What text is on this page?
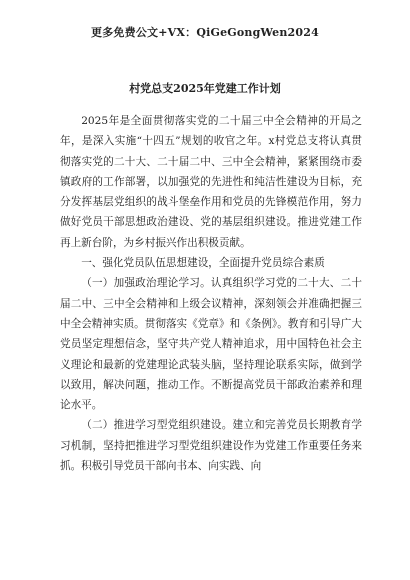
更多免费公文+VX：QiGeGongWen2024
村党总支2025年党建工作计划

2025年是全面贯彻落实党的二十届三中全会精神的开局之年，是深入实施“十四五”规划的收官之年。x村党总支将认真贯彻落实党的二十大、二十届二中、三中全会精神，紧紧围绕市委镇政府的工作部署，以加强党的先进性和纯洁性建设为目标，充分发挥基层党组织的战斗堡垒作用和党员的先锋模范作用，努力做好党员干部思想政治建设、党的基层组织建设。推进党建工作再上新台阶，为乡村振兴作出积极贡献。

一、强化党员队伍思想建设，全面提升党员综合素质

（一）加强政治理论学习。认真组织学习党的二十大、二十届二中、三中全会精神和上级会议精神，深刻领会并准确把握三中全会精神实质。贯彻落实《党章》和《条例》。教育和引导广大党员坚定理想信念，坚守共产党人精神追求，用中国特色社会主义理论和最新的党建理论武装头脑，坚持理论联系实际，做到学以致用，解决问题，推动工作。不断提高党员干部政治素养和理论水平。

（二）推进学习型党组织建设。建立和完善党员长期教育学习机制，坚持把推进学习型党组织建设作为党建工作重要任务来抓。积极引导党员干部向书本、向实践、向
